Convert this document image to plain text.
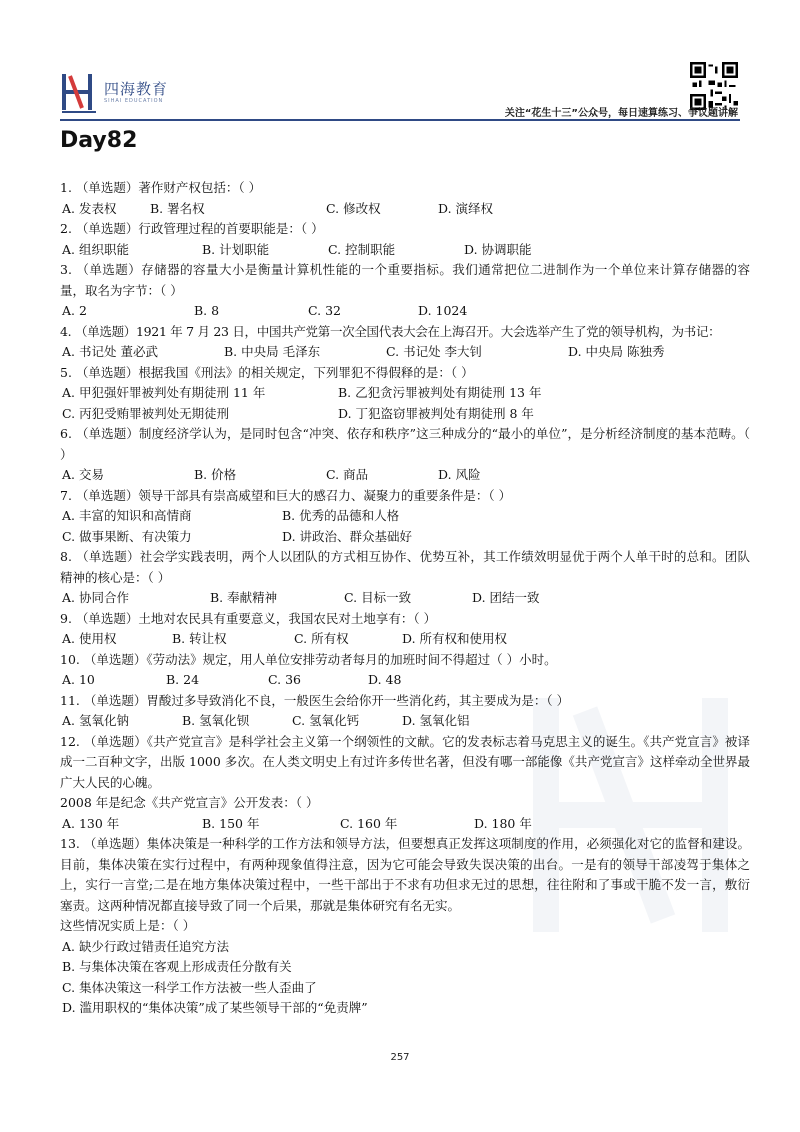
四海教育
SIHAI EDUCATION
关注“花生十三”公众号，每日速算练习、争议题讲解
Day82
1. （单选题）著作财产权包括：（ ）
A. 发表权	B. 署名权	C. 修改权	D. 演绎权
2. （单选题）行政管理过程的首要职能是：（ ）
A. 组织职能	B. 计划职能	C. 控制职能	D. 协调职能
3. （单选题）存储器的容量大小是衡量计算机性能的一个重要指标。我们通常把位二进制作为一个单位来计算存储器的容量，取名为字节：（ ）
A. 2	B. 8	C. 32	D. 1024
4. （单选题）1921 年 7 月 23 日，中国共产党第一次全国代表大会在上海召开。大会选举产生了党的领导机构，为书记：
A. 书记处 董必武	B. 中央局 毛泽东	C. 书记处 李大钊	D. 中央局 陈独秀
5. （单选题）根据我国《刑法》的相关规定，下列罪犯不得假释的是：（ ）
A. 甲犯强奸罪被判处有期徒刑 11 年	B. 乙犯贪污罪被判处有期徒刑 13 年
C. 丙犯受贿罪被判处无期徒刑	D. 丁犯盗窃罪被判处有期徒刑 8 年
6. （单选题）制度经济学认为，是同时包含“冲突、依存和秩序”这三种成分的“最小的单位”，是分析经济制度的基本范畴。（ ）
A. 交易	B. 价格	C. 商品	D. 风险
7. （单选题）领导干部具有崇高威望和巨大的感召力、凝聚力的重要条件是：（ ）
A. 丰富的知识和高情商	B. 优秀的品德和人格
C. 做事果断、有决策力	D. 讲政治、群众基础好
8. （单选题）社会学实践表明，两个人以团队的方式相互协作、优势互补，其工作绩效明显优于两个人单干时的总和。团队精神的核心是：（ ）
A. 协同合作	B. 奉献精神	C. 目标一致	D. 团结一致
9. （单选题）土地对农民具有重要意义，我国农民对土地享有：（ ）
A. 使用权	B. 转让权	C. 所有权	D. 所有权和使用权
10. （单选题）《劳动法》规定，用人单位安排劳动者每月的加班时间不得超过（ ）小时。
A. 10	B. 24	C. 36	D. 48
11. （单选题）胃酸过多导致消化不良，一般医生会给你开一些消化药，其主要成为是：（ ）
A. 氢氧化钠	B. 氢氧化钡	C. 氢氧化钙	D. 氢氧化铝
12. （单选题）《共产党宣言》是科学社会主义第一个纲领性的文献。它的发表标志着马克思主义的诞生。《共产党宣言》被译成一二百种文字，出版 1000 多次。在人类文明史上有过许多传世名著，但没有哪一部能像《共产党宣言》这样牵动全世界最广大人民的心魄。
2008 年是纪念《共产党宣言》公开发表：（ ）
A. 130 年	B. 150 年	C. 160 年	D. 180 年
13. （单选题）集体决策是一种科学的工作方法和领导方法，但要想真正发挥这项制度的作用，必须强化对它的监督和建设。目前，集体决策在实行过程中，有两种现象值得注意，因为它可能会导致失误决策的出台。一是有的领导干部凌驾于集体之上，实行一言堂;二是在地方集体决策过程中，一些干部出于不求有功但求无过的思想，往往附和了事或干脆不发一言，敷衍塞责。这两种情况都直接导致了同一个后果，那就是集体研究有名无实。
这些情况实质上是：（ ）
A. 缺少行政过错责任追究方法
B. 与集体决策在客观上形成责任分散有关
C. 集体决策这一科学工作方法被一些人歪曲了
D. 滥用职权的“集体决策”成了某些领导干部的“免责牌”
257
